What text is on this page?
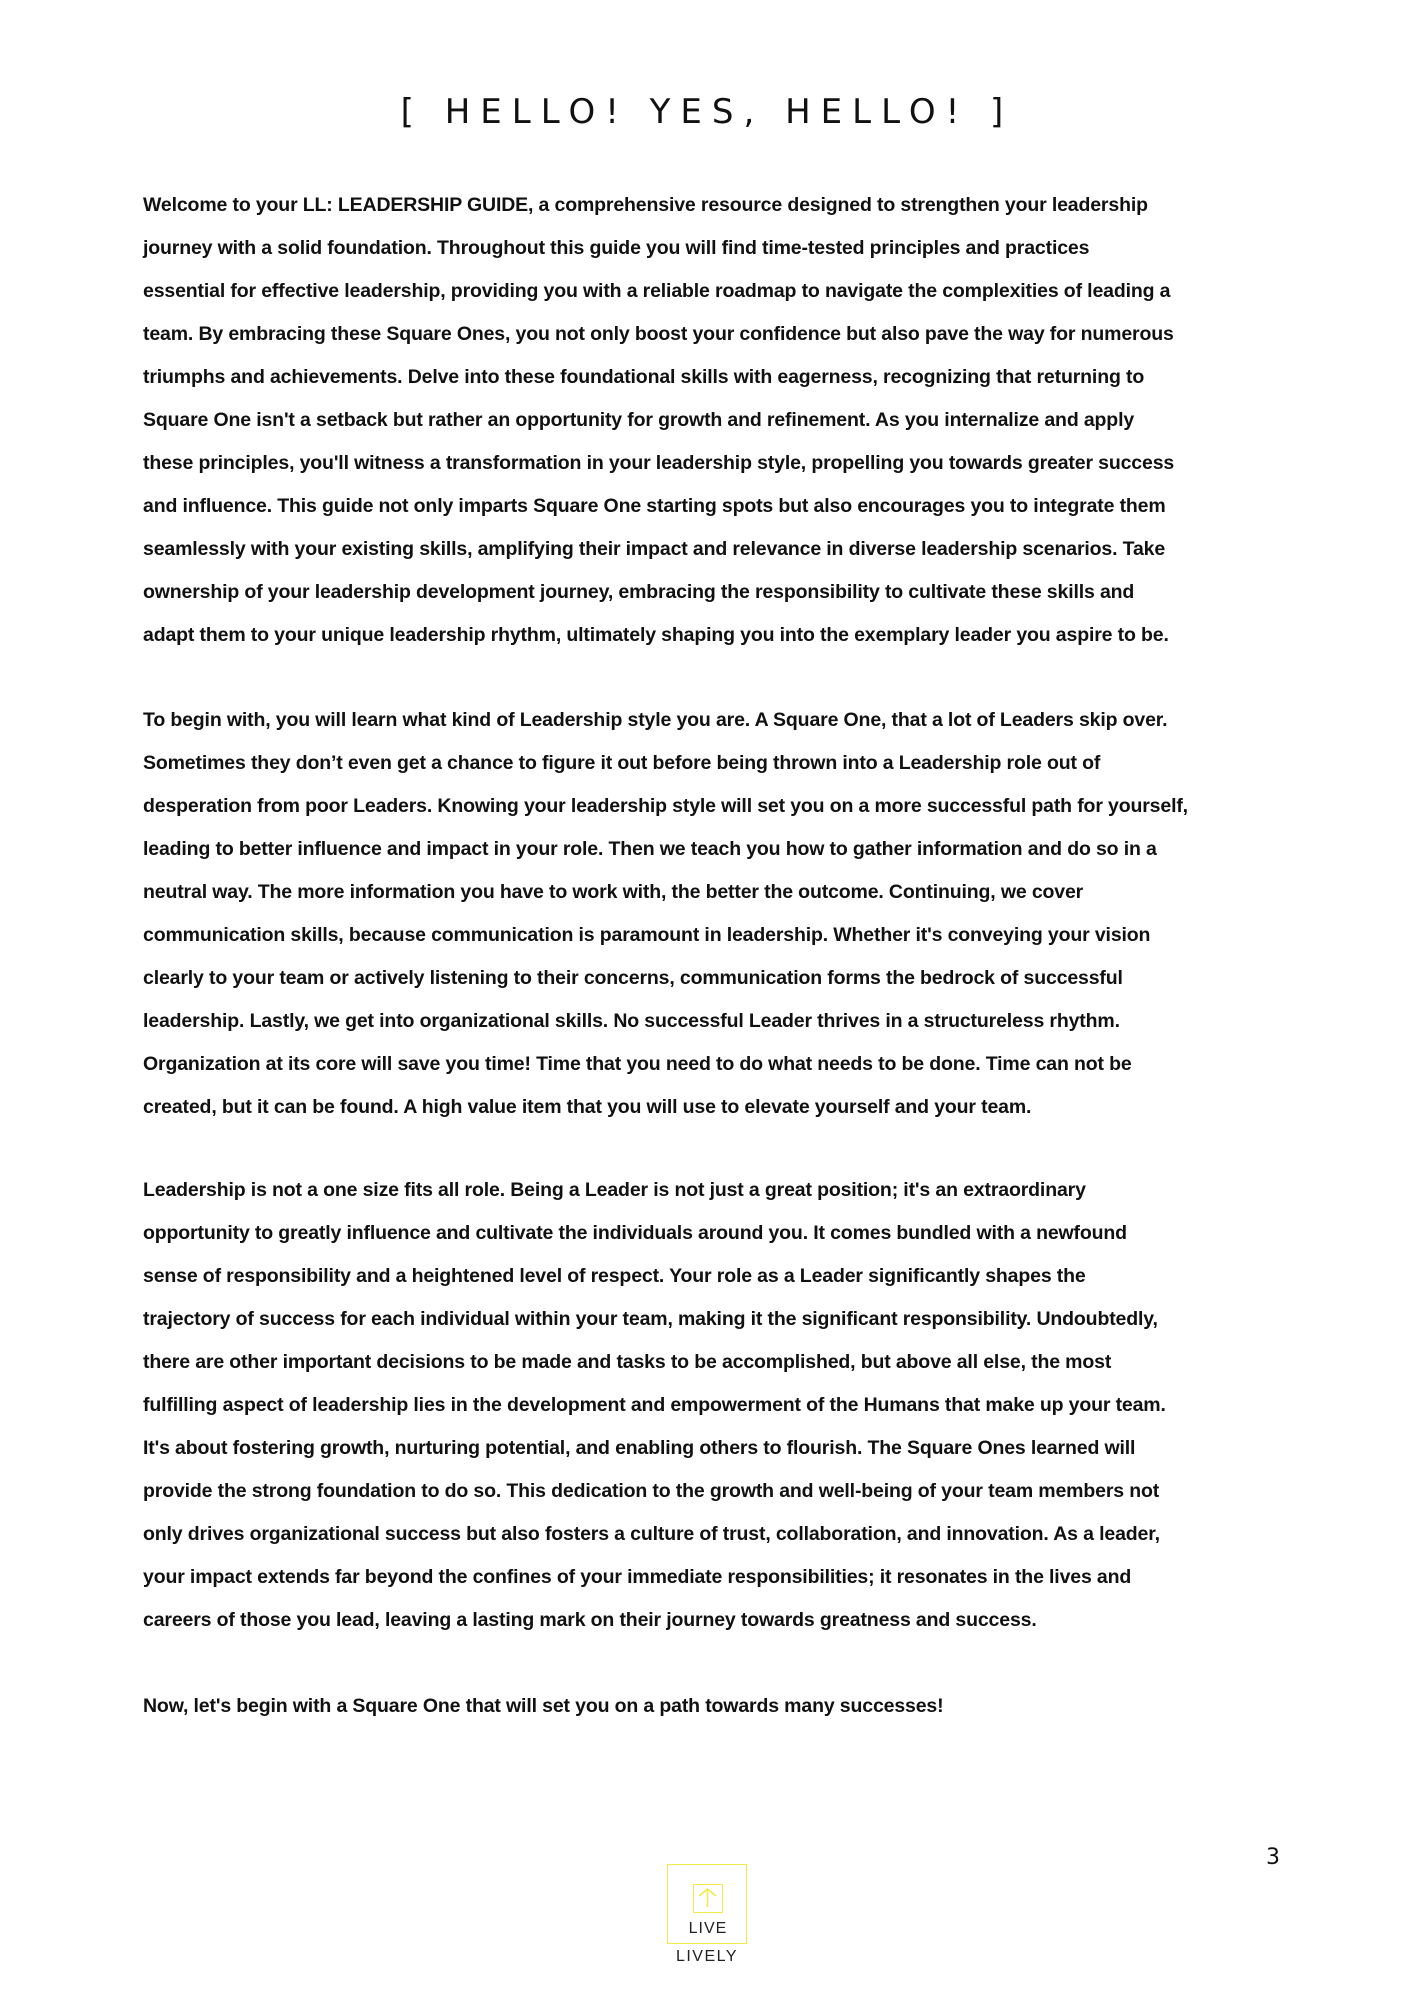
[ HELLO! YES, HELLO! ]
Welcome to your LL: LEADERSHIP GUIDE, a comprehensive resource designed to strengthen your leadership
journey with a solid foundation. Throughout this guide you will find time-tested principles and practices
essential for effective leadership, providing you with a reliable roadmap to navigate the complexities of leading a
team. By embracing these Square Ones, you not only boost your confidence but also pave the way for numerous
triumphs and achievements. Delve into these foundational skills with eagerness, recognizing that returning to
Square One isn't a setback but rather an opportunity for growth and refinement. As you internalize and apply
these principles, you'll witness a transformation in your leadership style, propelling you towards greater success
and influence. This guide not only imparts Square One starting spots but also encourages you to integrate them
seamlessly with your existing skills, amplifying their impact and relevance in diverse leadership scenarios. Take
ownership of your leadership development journey, embracing the responsibility to cultivate these skills and
adapt them to your unique leadership rhythm, ultimately shaping you into the exemplary leader you aspire to be.
To begin with, you will learn what kind of Leadership style you are. A Square One, that a lot of Leaders skip over.
Sometimes they don’t even get a chance to figure it out before being thrown into a Leadership role out of
desperation from poor Leaders. Knowing your leadership style will set you on a more successful path for yourself,
leading to better influence and impact in your role. Then we teach you how to gather information and do so in a
neutral way. The more information you have to work with, the better the outcome. Continuing, we cover
communication skills, because communication is paramount in leadership. Whether it's conveying your vision
clearly to your team or actively listening to their concerns, communication forms the bedrock of successful
leadership. Lastly, we get into organizational skills. No successful Leader thrives in a structureless rhythm.
Organization at its core will save you time! Time that you need to do what needs to be done. Time can not be
created, but it can be found. A high value item that you will use to elevate yourself and your team.
Leadership is not a one size fits all role. Being a Leader is not just a great position; it's an extraordinary
opportunity to greatly influence and cultivate the individuals around you. It comes bundled with a newfound
sense of responsibility and a heightened level of respect. Your role as a Leader significantly shapes the
trajectory of success for each individual within your team, making it the significant responsibility. Undoubtedly,
there are other important decisions to be made and tasks to be accomplished, but above all else, the most
fulfilling aspect of leadership lies in the development and empowerment of the Humans that make up your team.
It's about fostering growth, nurturing potential, and enabling others to flourish. The Square Ones learned will
provide the strong foundation to do so. This dedication to the growth and well-being of your team members not
only drives organizational success but also fosters a culture of trust, collaboration, and innovation. As a leader,
your impact extends far beyond the confines of your immediate responsibilities; it resonates in the lives and
careers of those you lead, leaving a lasting mark on their journey towards greatness and success.
Now, let's begin with a Square One that will set you on a path towards many successes!
3
LIVE
LIVELY
